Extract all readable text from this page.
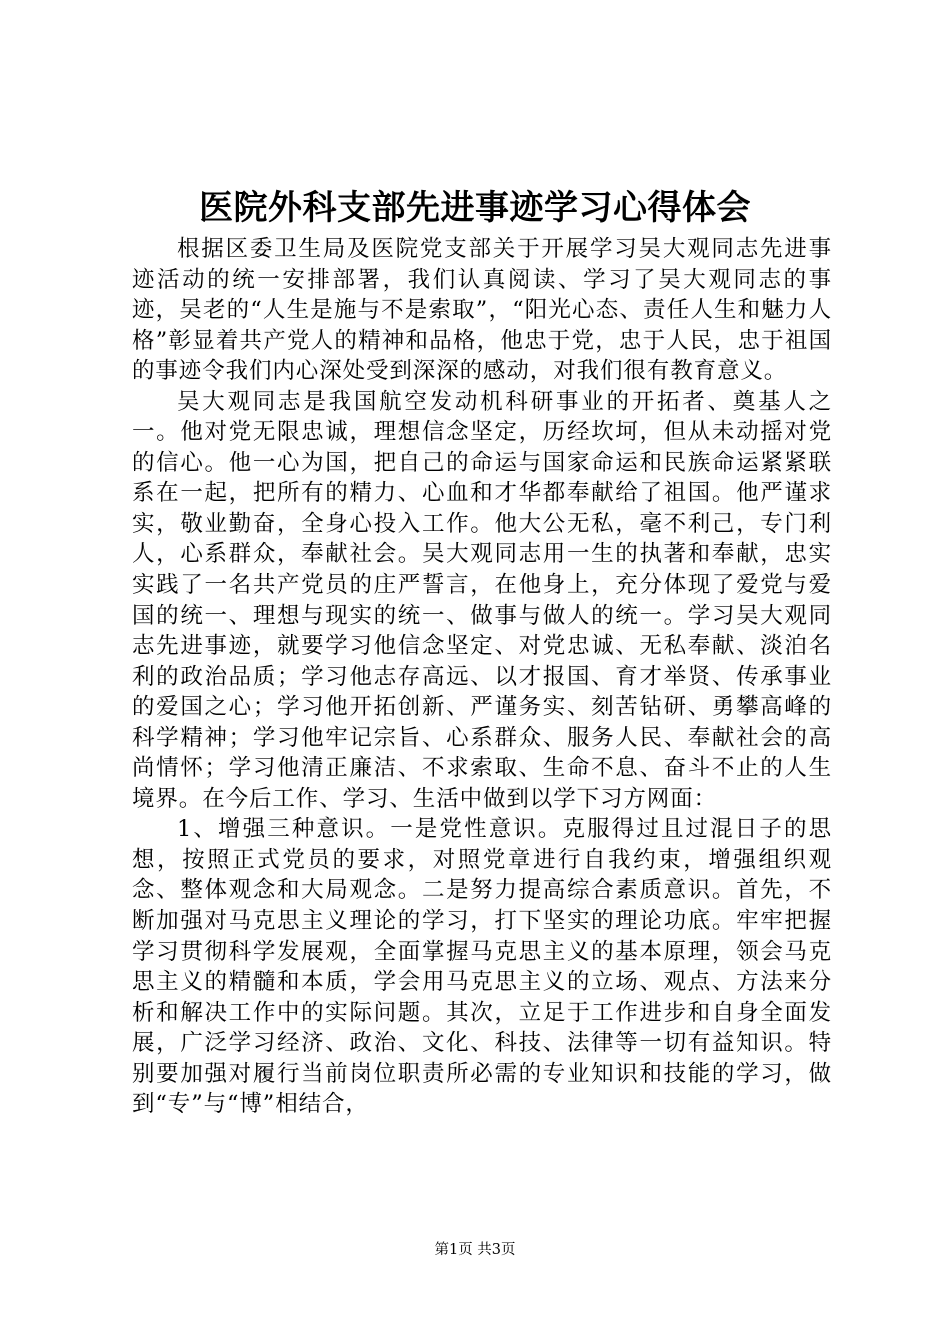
医院外科支部先进事迹学习心得体会

根据区委卫生局及医院党支部关于开展学习吴大观同志先进事迹活动的统一安排部署，我们认真阅读、学习了吴大观同志的事迹，吴老的“人生是施与不是索取”，“阳光心态、责任人生和魅力人格”彰显着共产党人的精神和品格，他忠于党，忠于人民，忠于祖国的事迹令我们内心深处受到深深的感动，对我们很有教育意义。

吴大观同志是我国航空发动机科研事业的开拓者、奠基人之一。他对党无限忠诚，理想信念坚定，历经坎坷，但从未动摇对党的信心。他一心为国，把自己的命运与国家命运和民族命运紧紧联系在一起，把所有的精力、心血和才华都奉献给了祖国。他严谨求实，敬业勤奋，全身心投入工作。他大公无私，毫不利己，专门利人，心系群众，奉献社会。吴大观同志用一生的执著和奉献，忠实实践了一名共产党员的庄严誓言，在他身上，充分体现了爱党与爱国的统一、理想与现实的统一、做事与做人的统一。学习吴大观同志先进事迹，就要学习他信念坚定、对党忠诚、无私奉献、淡泊名利的政治品质；学习他志存高远、以才报国、育才举贤、传承事业的爱国之心；学习他开拓创新、严谨务实、刻苦钻研、勇攀高峰的科学精神；学习他牢记宗旨、心系群众、服务人民、奉献社会的高尚情怀；学习他清正廉洁、不求索取、生命不息、奋斗不止的人生境界。在今后工作、学习、生活中做到以学下习方网面：

1、增强三种意识。一是党性意识。克服得过且过混日子的思想，按照正式党员的要求，对照党章进行自我约束，增强组织观念、整体观念和大局观念。二是努力提高综合素质意识。首先，不断加强对马克思主义理论的学习，打下坚实的理论功底。牢牢把握学习贯彻科学发展观，全面掌握马克思主义的基本原理，领会马克思主义的精髓和本质，学会用马克思主义的立场、观点、方法来分析和解决工作中的实际问题。其次，立足于工作进步和自身全面发展，广泛学习经济、政治、文化、科技、法律等一切有益知识。特别要加强对履行当前岗位职责所必需的专业知识和技能的学习，做到“专”与“博”相结合，

第1页 共3页
